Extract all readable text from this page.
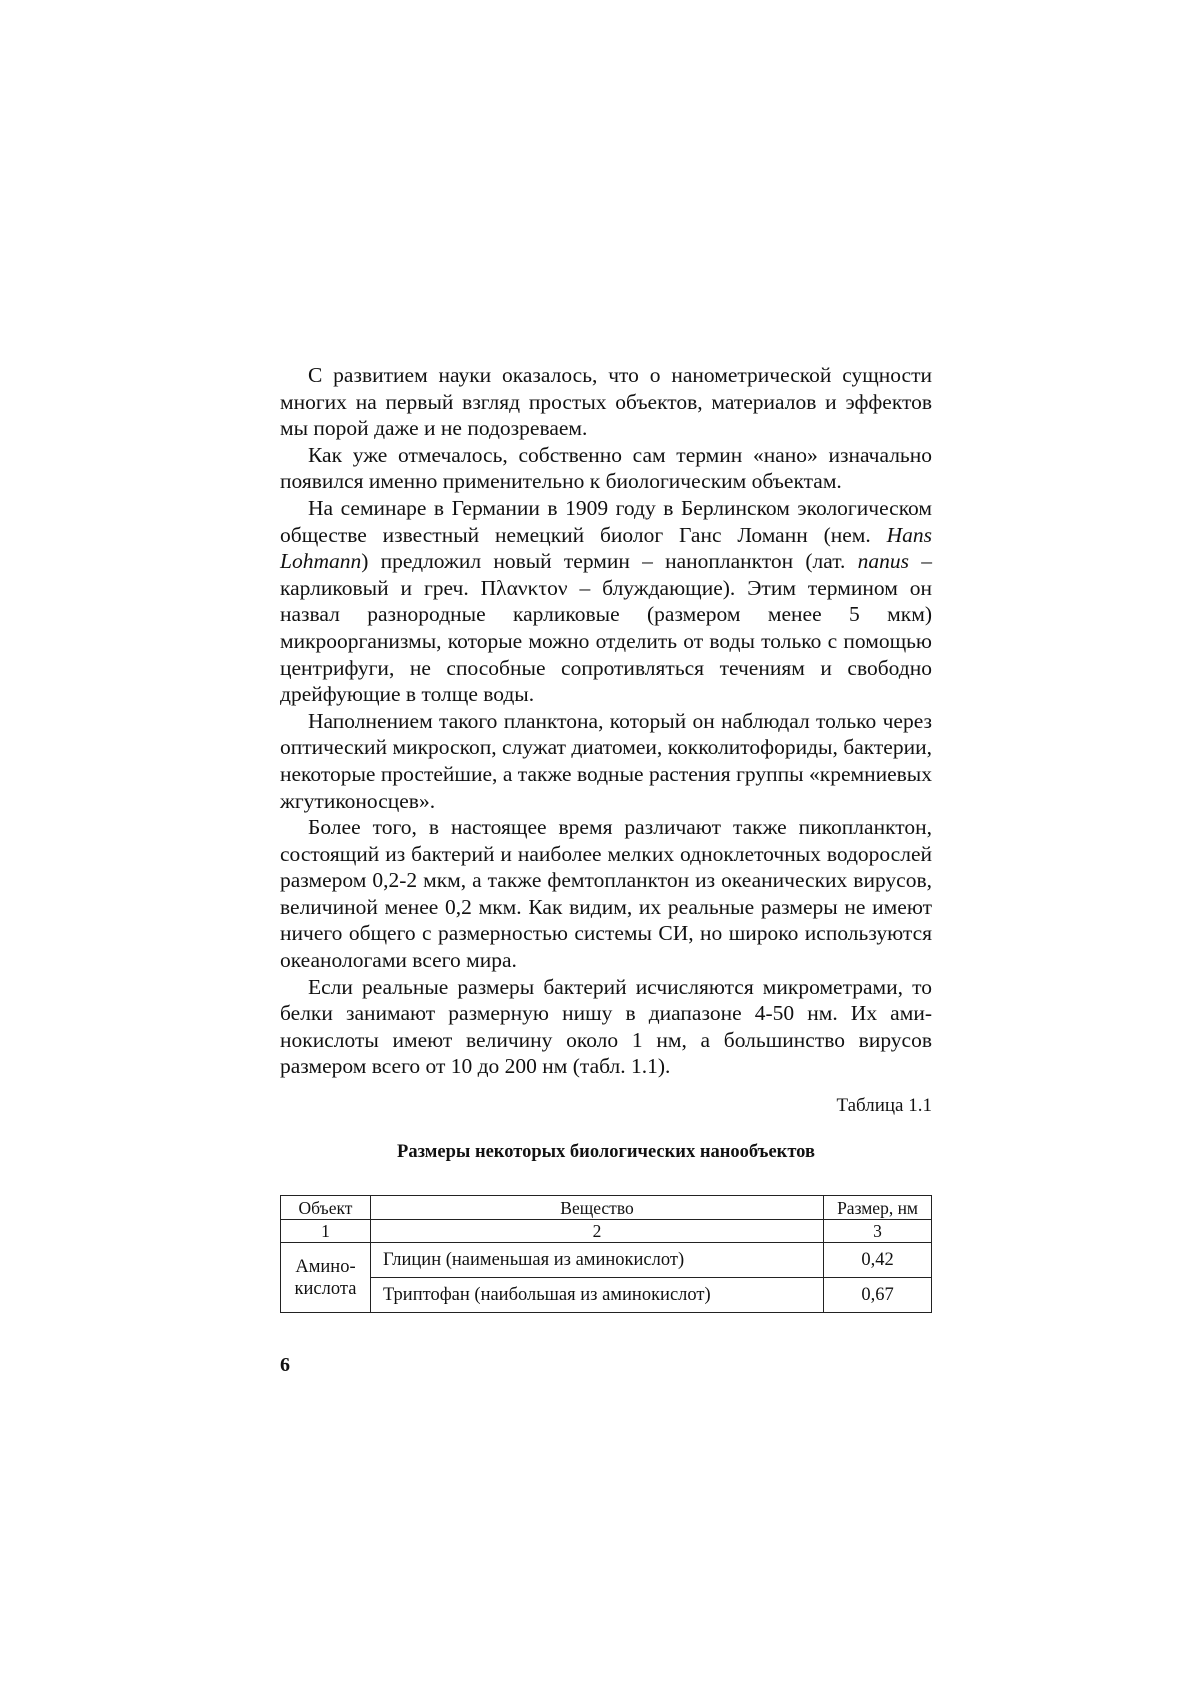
С развитием науки оказалось, что о нанометрической сущности многих на первый взгляд простых объектов, материалов и эффектов мы порой даже и не подозреваем.

Как уже отмечалось, собственно сам термин «нано» изначально появился именно применительно к биологическим объектам.

На семинаре в Германии в 1909 году в Берлинском экологическом обществе известный немецкий биолог Ганс Ломанн (нем. Hans Lohmann) предложил новый термин – нанопланктон (лат. nanus – карликовый и греч. Πλανκτον – блуждающие). Этим термином он назвал разнородные карликовые (размером менее 5 мкм) микроорганизмы, которые можно отделить от воды только с помощью центрифуги, не способные сопротивляться течениям и свободно дрейфующие в толще воды.

Наполнением такого планктона, который он наблюдал только через оптический микроскоп, служат диатомеи, кокколитофориды, бактерии, некоторые простейшие, а также водные растения группы «кремниевых жгутиконосцев».

Более того, в настоящее время различают также пикопланктон, состоящий из бактерий и наиболее мелких одноклеточных водорослей размером 0,2-2 мкм, а также фемтопланктон из океанических вирусов, величиной менее 0,2 мкм. Как видим, их реальные размеры не имеют ничего общего с размерностью системы СИ, но широко используются океанологами всего мира.

Если реальные размеры бактерий исчисляются микрометрами, то белки занимают размерную нишу в диапазоне 4-50 нм. Их аминокислоты имеют величину около 1 нм, а большинство вирусов размером всего от 10 до 200 нм (табл. 1.1).

Таблица 1.1

Размеры некоторых биологических нанообъектов

Объект	Вещество	Размер, нм
1	2	3
Амино-
кислота	Глицин (наименьшая из аминокислот)	0,42
	Триптофан (наибольшая из аминокислот)	0,67
6
